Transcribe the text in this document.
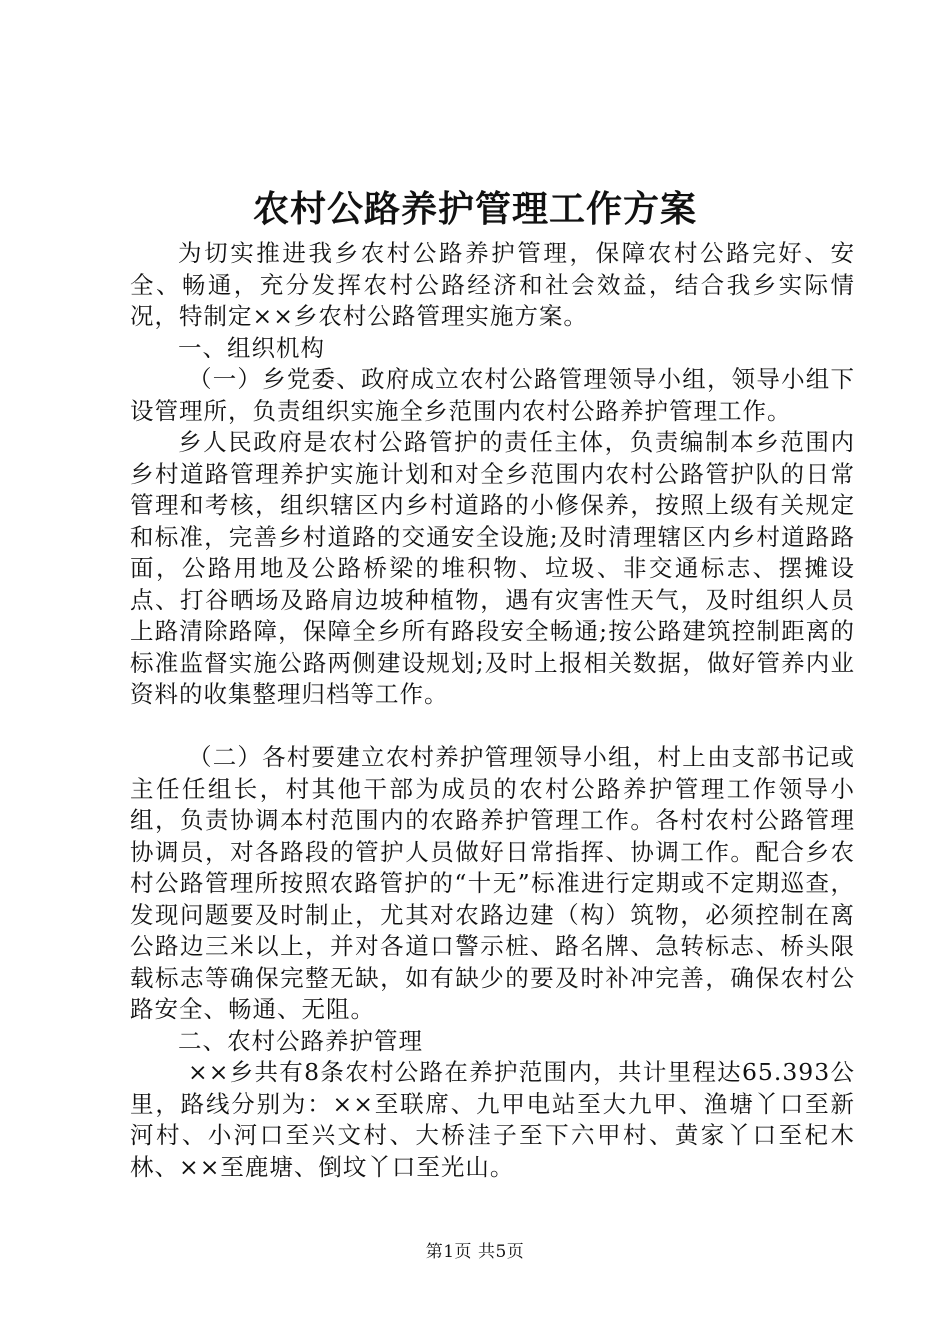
农村公路养护管理工作方案

为切实推进我乡农村公路养护管理，保障农村公路完好、安全、畅通，充分发挥农村公路经济和社会效益，结合我乡实际情况，特制定××乡农村公路管理实施方案。

一、组织机构

（一）乡党委、政府成立农村公路管理领导小组，领导小组下设管理所，负责组织实施全乡范围内农村公路养护管理工作。

乡人民政府是农村公路管护的责任主体，负责编制本乡范围内乡村道路管理养护实施计划和对全乡范围内农村公路管护队的日常管理和考核，组织辖区内乡村道路的小修保养，按照上级有关规定和标准，完善乡村道路的交通安全设施;及时清理辖区内乡村道路路面，公路用地及公路桥梁的堆积物、垃圾、非交通标志、摆摊设点、打谷晒场及路肩边坡种植物，遇有灾害性天气，及时组织人员上路清除路障，保障全乡所有路段安全畅通;按公路建筑控制距离的标准监督实施公路两侧建设规划;及时上报相关数据，做好管养内业资料的收集整理归档等工作。

（二）各村要建立农村养护管理领导小组，村上由支部书记或主任任组长，村其他干部为成员的农村公路养护管理工作领导小组，负责协调本村范围内的农路养护管理工作。各村农村公路管理协调员，对各路段的管护人员做好日常指挥、协调工作。配合乡农村公路管理所按照农路管护的“十无”标准进行定期或不定期巡查，发现问题要及时制止，尤其对农路边建（构）筑物，必须控制在离公路边三米以上，并对各道口警示桩、路名牌、急转标志、桥头限载标志等确保完整无缺，如有缺少的要及时补冲完善，确保农村公路安全、畅通、无阻。

二、农村公路养护管理

××乡共有8条农村公路在养护范围内，共计里程达65.393公里，路线分别为：××至联席、九甲电站至大九甲、渔塘丫口至新河村、小河口至兴文村、大桥洼子至下六甲村、黄家丫口至杞木林、××至鹿塘、倒坟丫口至光山。

第1页 共5页
